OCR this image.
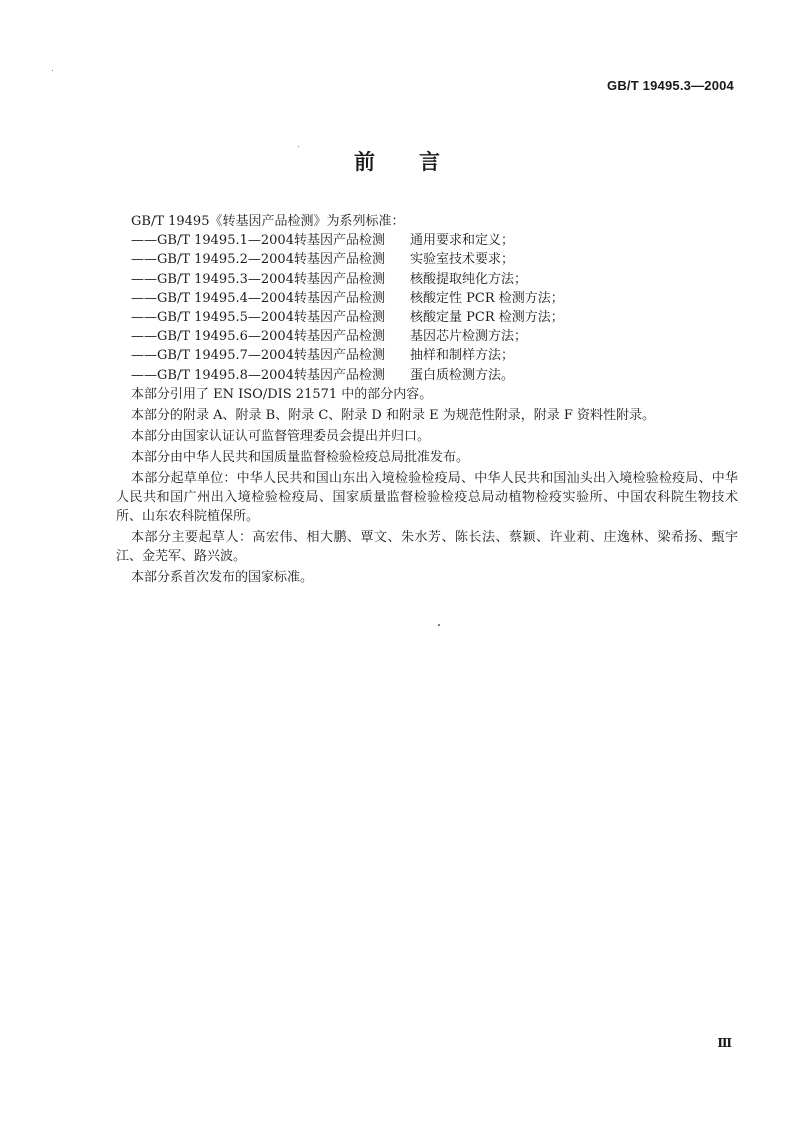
GB/T 19495.3—2004
前言
GB/T 19495《转基因产品检测》为系列标准：
——GB/T 19495.1—2004 转基因产品检测	通用要求和定义；
——GB/T 19495.2—2004 转基因产品检测	实验室技术要求；
——GB/T 19495.3—2004 转基因产品检测	核酸提取纯化方法；
——GB/T 19495.4—2004 转基因产品检测	核酸定性 PCR 检测方法；
——GB/T 19495.5—2004 转基因产品检测	核酸定量 PCR 检测方法；
——GB/T 19495.6—2004 转基因产品检测	基因芯片检测方法；
——GB/T 19495.7—2004 转基因产品检测	抽样和制样方法；
——GB/T 19495.8—2004 转基因产品检测	蛋白质检测方法。

本部分引用了 EN ISO/DIS 21571 中的部分内容。

本部分的附录 A、附录 B、附录 C、附录 D 和附录 E 为规范性附录，附录 F 资料性附录。

本部分由国家认证认可监督管理委员会提出并归口。

本部分由中华人民共和国质量监督检验检疫总局批准发布。

本部分起草单位：中华人民共和国山东出入境检验检疫局、中华人民共和国汕头出入境检验检疫局、中华人民共和国广州出入境检验检疫局、国家质量监督检验检疫总局动植物检疫实验所、中国农科院生物技术所、山东农科院植保所。

本部分主要起草人：高宏伟、相大鹏、覃文、朱水芳、陈长法、蔡颖、许业莉、庄逸林、梁希扬、甄宇江、金芜军、路兴波。

本部分系首次发布的国家标准。

Ⅲ
